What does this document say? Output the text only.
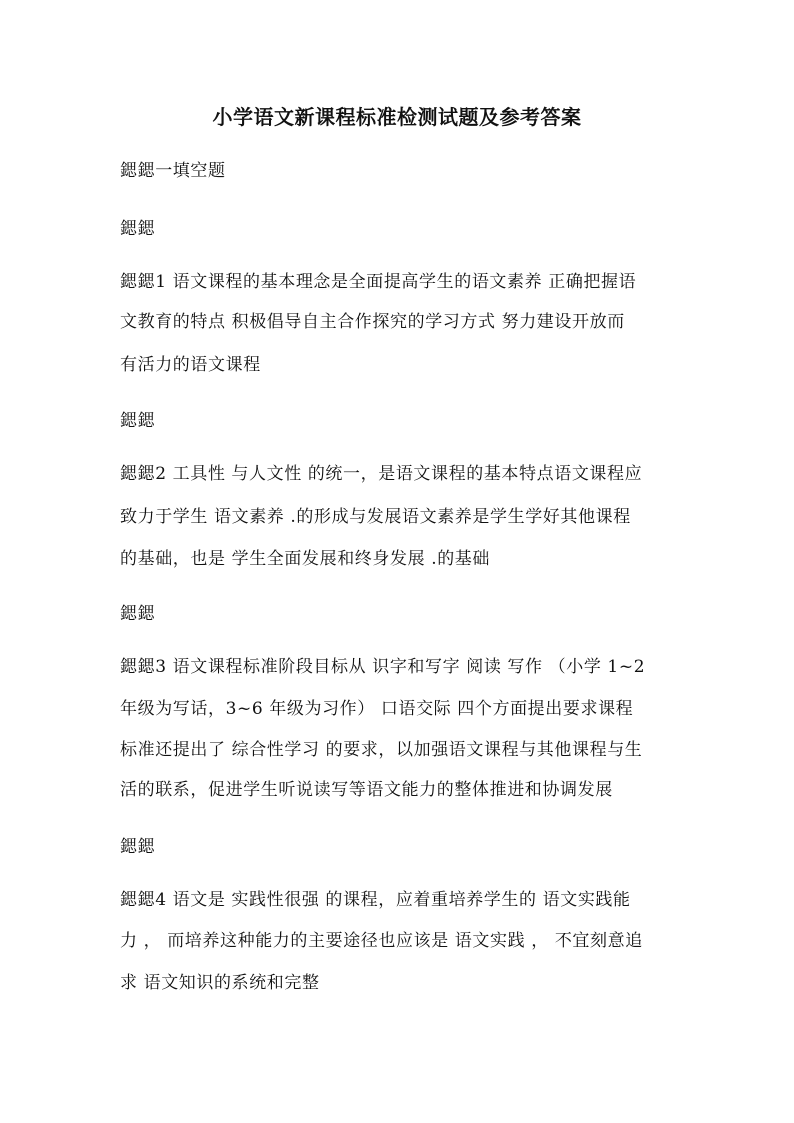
小学语文新课程标准检测试题及参考答案
鍶鍶一填空题
鍶鍶
鍶鍶1 语文课程的基本理念是全面提高学生的语文素养 正确把握语
文教育的特点 积极倡导自主合作探究的学习方式 努力建设开放而
有活力的语文课程
鍶鍶
鍶鍶2 工具性 与人文性 的统一，是语文课程的基本特点语文课程应
致力于学生 语文素养 .的形成与发展语文素养是学生学好其他课程
的基础，也是 学生全面发展和终身发展 .的基础
鍶鍶
鍶鍶3 语文课程标准阶段目标从 识字和写字 阅读 写作 （小学 1~2
年级为写话，3~6 年级为习作） 口语交际 四个方面提出要求课程
标准还提出了 综合性学习 的要求，以加强语文课程与其他课程与生
活的联系，促进学生听说读写等语文能力的整体推进和协调发展
鍶鍶
鍶鍶4 语文是 实践性很强 的课程，应着重培养学生的 语文实践能
力 ， 而培养这种能力的主要途径也应该是 语文实践 ， 不宜刻意追
求 语文知识的系统和完整
